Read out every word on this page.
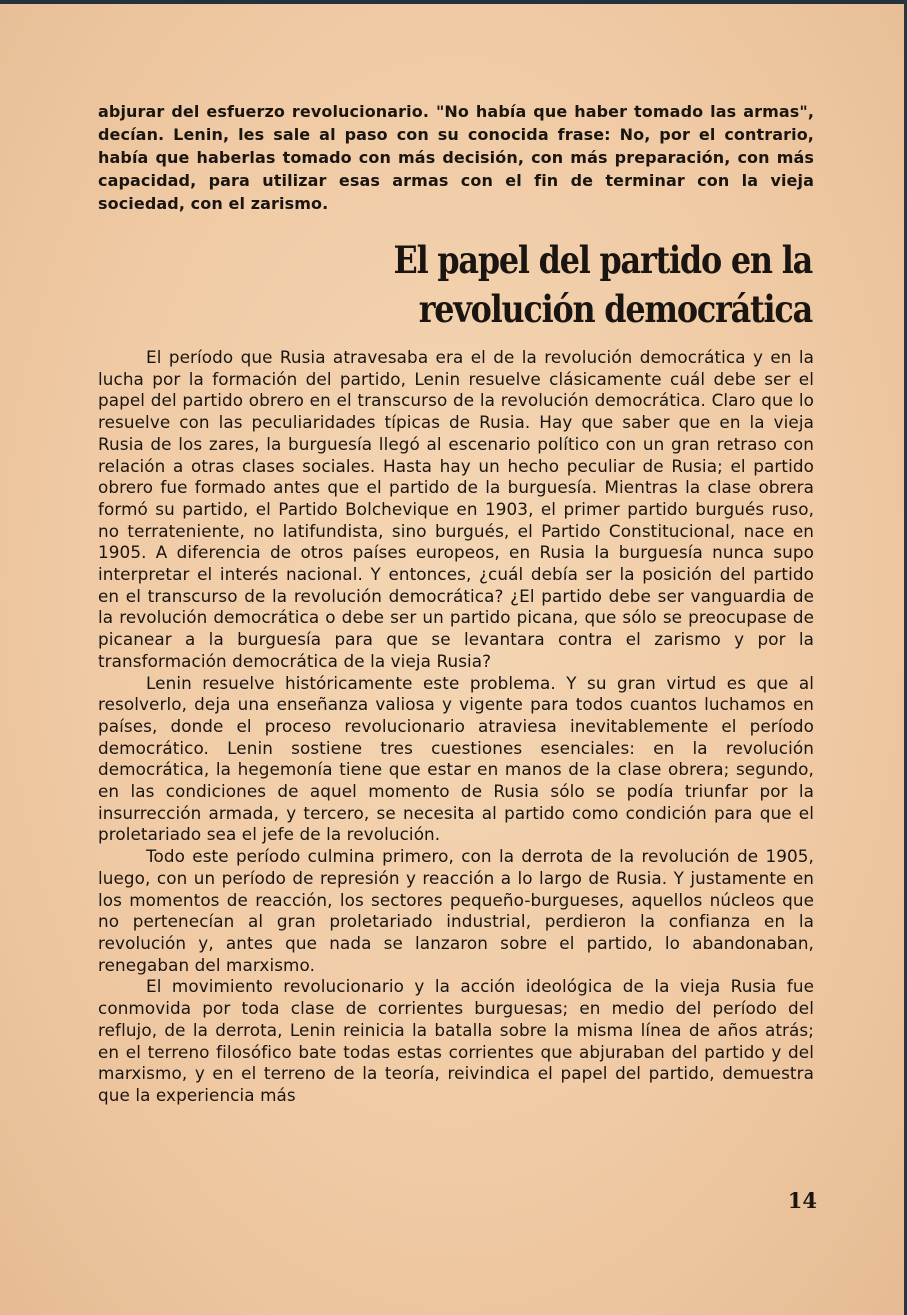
abjurar del esfuerzo revolucionario. "No había que haber tomado las armas", decían. Lenin, les sale al paso con su conocida frase: No, por el contrario, había que haberlas tomado con más decisión, con más preparación, con más capacidad, para utilizar esas armas con el fin de terminar con la vieja sociedad, con el zarismo.

El papel del partido en la
revolución democrática

El período que Rusia atravesaba era el de la revolución democrática y en la lucha por la formación del partido, Lenin resuelve clásicamente cuál debe ser el papel del partido obrero en el transcurso de la revolución democrática. Claro que lo resuelve con las peculiaridades típicas de Rusia. Hay que saber que en la vieja Rusia de los zares, la burguesía llegó al escenario político con un gran retraso con relación a otras clases sociales. Hasta hay un hecho peculiar de Rusia; el partido obrero fue formado antes que el partido de la burguesía. Mientras la clase obrera formó su partido, el Partido Bolchevique en 1903, el primer partido burgués ruso, no terrateniente, no latifundista, sino burgués, el Partido Constitucional, nace en 1905. A diferencia de otros países europeos, en Rusia la burguesía nunca supo interpretar el interés nacional. Y entonces, ¿cuál debía ser la posición del partido en el transcurso de la revolución democrática? ¿El partido debe ser vanguardia de la revolución democrática o debe ser un partido picana, que sólo se preocupase de picanear a la burguesía para que se levantara contra el zarismo y por la transformación democrática de la vieja Rusia?

Lenin resuelve históricamente este problema. Y su gran virtud es que al resolverlo, deja una enseñanza valiosa y vigente para todos cuantos luchamos en países, donde el proceso revolucionario atraviesa inevitablemente el período democrático. Lenin sostiene tres cuestiones esenciales: en la revolución democrática, la hegemonía tiene que estar en manos de la clase obrera; segundo, en las condiciones de aquel momento de Rusia sólo se podía triunfar por la insurrección armada, y tercero, se necesita al partido como condición para que el proletariado sea el jefe de la revolución.

Todo este período culmina primero, con la derrota de la revolución de 1905, luego, con un período de represión y reacción a lo largo de Rusia. Y justamente en los momentos de reacción, los sectores pequeño-burgueses, aquellos núcleos que no pertenecían al gran proletariado industrial, perdieron la confianza en la revolución y, antes que nada se lanzaron sobre el partido, lo abandonaban, renegaban del marxismo.

El movimiento revolucionario y la acción ideológica de la vieja Rusia fue conmovida por toda clase de corrientes burguesas; en medio del período del reflujo, de la derrota, Lenin reinicia la batalla sobre la misma línea de años atrás; en el terreno filosófico bate todas estas corrientes que abjuraban del partido y del marxismo, y en el terreno de la teoría, reivindica el papel del partido, demuestra que la experiencia más

14
